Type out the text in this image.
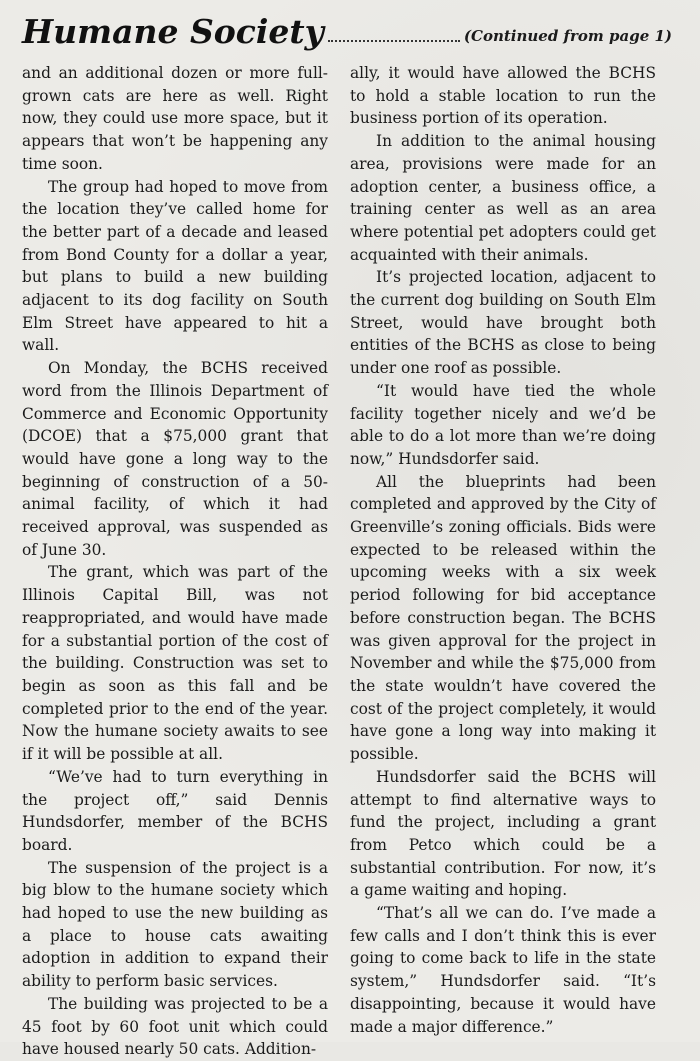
Humane Society	(Continued from page 1)

and an additional dozen or more full-grown cats are here as well. Right now, they could use more space, but it appears that won’t be happening any time soon.

The group had hoped to move from the location they’ve called home for the better part of a decade and leased from Bond County for a dollar a year, but plans to build a new building adjacent to its dog facility on South Elm Street have appeared to hit a wall.

On Monday, the BCHS received word from the Illinois Department of Commerce and Economic Opportunity (DCOE) that a $75,000 grant that would have gone a long way to the beginning of construction of a 50-animal facility, of which it had received approval, was suspended as of June 30.

The grant, which was part of the Illinois Capital Bill, was not reappropriated, and would have made for a substantial portion of the cost of the building. Construction was set to begin as soon as this fall and be completed prior to the end of the year. Now the humane society awaits to see if it will be possible at all.

“We’ve had to turn everything in the project off,” said Dennis Hundsdorfer, member of the BCHS board.

The suspension of the project is a big blow to the humane society which had hoped to use the new building as a place to house cats awaiting adoption in addition to expand their ability to perform basic services.

The building was projected to be a 45 foot by 60 foot unit which could have housed nearly 50 cats. Addition-

ally, it would have allowed the BCHS to hold a stable location to run the business portion of its operation.

In addition to the animal housing area, provisions were made for an adoption center, a business office, a training center as well as an area where potential pet adopters could get acquainted with their animals.

It’s projected location, adjacent to the current dog building on South Elm Street, would have brought both entities of the BCHS as close to being under one roof as possible.

“It would have tied the whole facility together nicely and we’d be able to do a lot more than we’re doing now,” Hundsdorfer said.

All the blueprints had been completed and approved by the City of Greenville’s zoning officials. Bids were expected to be released within the upcoming weeks with a six week period following for bid acceptance before construction began. The BCHS was given approval for the project in November and while the $75,000 from the state wouldn’t have covered the cost of the project completely, it would have gone a long way into making it possible.

Hundsdorfer said the BCHS will attempt to find alternative ways to fund the project, including a grant from Petco which could be a substantial contribution. For now, it’s a game waiting and hoping.

“That’s all we can do. I’ve made a few calls and I don’t think this is ever going to come back to life in the state system,” Hundsdorfer said. “It’s disappointing, because it would have made a major difference.”
